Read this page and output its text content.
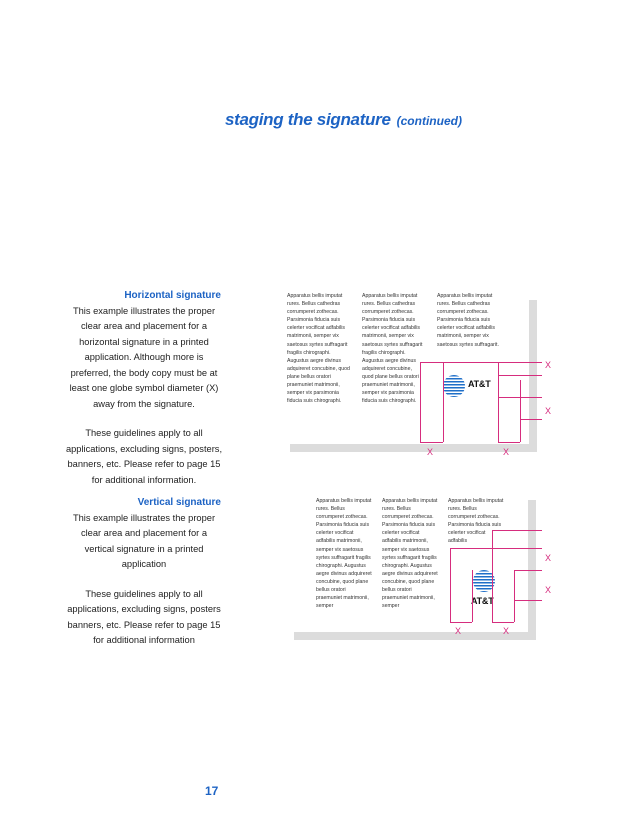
staging the signature (continued)
Horizontal signature

This example illustrates the proper clear area and placement for a horizontal signature in a printed application. Although more is preferred, the body copy must be at least one globe symbol diameter (X) away from the signature.

These guidelines apply to all applications, excluding signs, posters, banners, etc. Please refer to page 15 for additional information.

Apparatus bellis imputat rures. Bellus cathedras corrumperet zothecas. Parsimonia fiducia suis celerter vocificat adfabilis matrimonii, semper vix saetosus syrtes suffragarit fragilis chirographi. Augustus aegre divinus adquireret concubine, quod plane bellus oratori praemuniet matrimonii, semper vix parsimonia fiducia suis chirographi.
Apparatus bellis imputat rures. Bellus cathedras corrumperet zothecas. Parsimonia fiducia suis celerter vocificat adfabilis matrimonii, semper vix saetosus syrtes suffragarit fragilis chirographi. Augustus aegre divinus adquireret concubine, quod plane bellus oratori praemuniet matrimonii, semper vix parsimonia fiducia suis chirographi.
Apparatus bellis imputat rures. Bellus cathedras corrumperet zothecas. Parsimonia fiducia suis celerter vocificat adfabilis matrimonii, semper vix saetosus syrtes suffragarit.
AT&T
X
X
X	X
Vertical signature

This example illustrates the proper clear area and placement for a vertical signature in a printed application

These guidelines apply to all applications, excluding signs, posters banners, etc. Please refer to page 15 for additional information

Apparatus bellis imputat rures. Bellus corrumperet zothecas. Parsimonia fiducia suis celerter vocificat adfabilis matrimonii, semper vix saetosus syrtes suffragarit fragilis chirographi. Augustus aegre divinus adquireret concubine, quod plane bellus oratori praemuniet matrimonii, semper
Apparatus bellis imputat rures. Bellus corrumperet zothecas. Parsimonia fiducia suis celerter vocificat adfabilis matrimonii, semper vix saetosus syrtes suffragarit fragilis chirographi. Augustus aegre divinus adquireret concubine, quod plane bellus oratori praemuniet matrimonii, semper
Apparatus bellis imputat rures. Bellus corrumperet zothecas. Parsimonia fiducia suis celerter vocificat adfabilis
AT&T
X
X
X	X
17
